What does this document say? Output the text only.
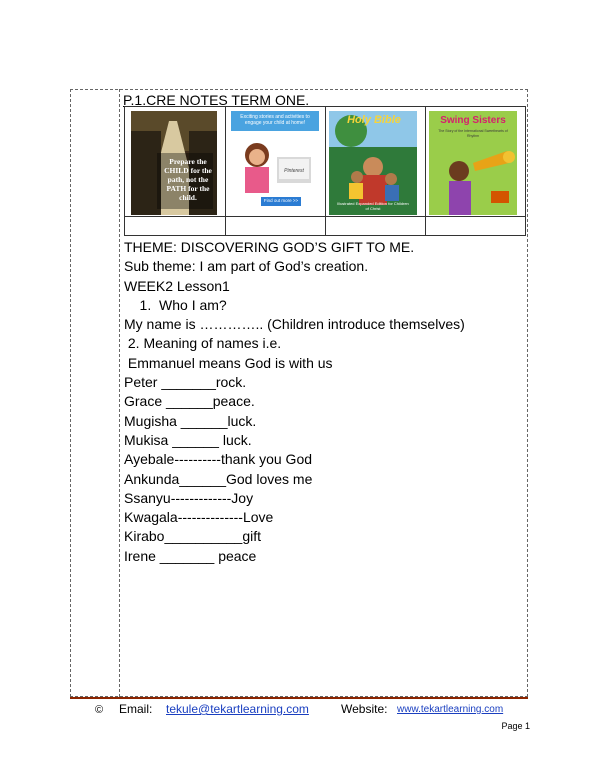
P.1.CRE NOTES TERM ONE.
Prepare the CHILD for the path, not the PATH for the child.
Exciting stories and activities to engage your child at home!
Pinterest
Find out more >>
Holy Bible
Illustrated Expanded Edition for Children of Christ
Swing Sisters
The Story of the International Sweethearts of Rhythm
THEME: DISCOVERING GOD’S GIFT TO ME.
Sub theme: I am part of God’s creation.
WEEK2 Lesson1
1.  Who I am?
My name is ………….. (Children introduce themselves)
2. Meaning of names i.e.
Emmanuel means God is with us
Peter _______rock.
Grace ______peace.
Mugisha ______luck.
Mukisa ______ luck.
Ayebale----------thank you God
Ankunda______God loves me
Ssanyu-------------Joy
Kwagala--------------Love
Kirabo__________gift
Irene _______ peace
© Email: tekule@tekartlearning.com	Website: www.tekartlearning.com
Page 1
